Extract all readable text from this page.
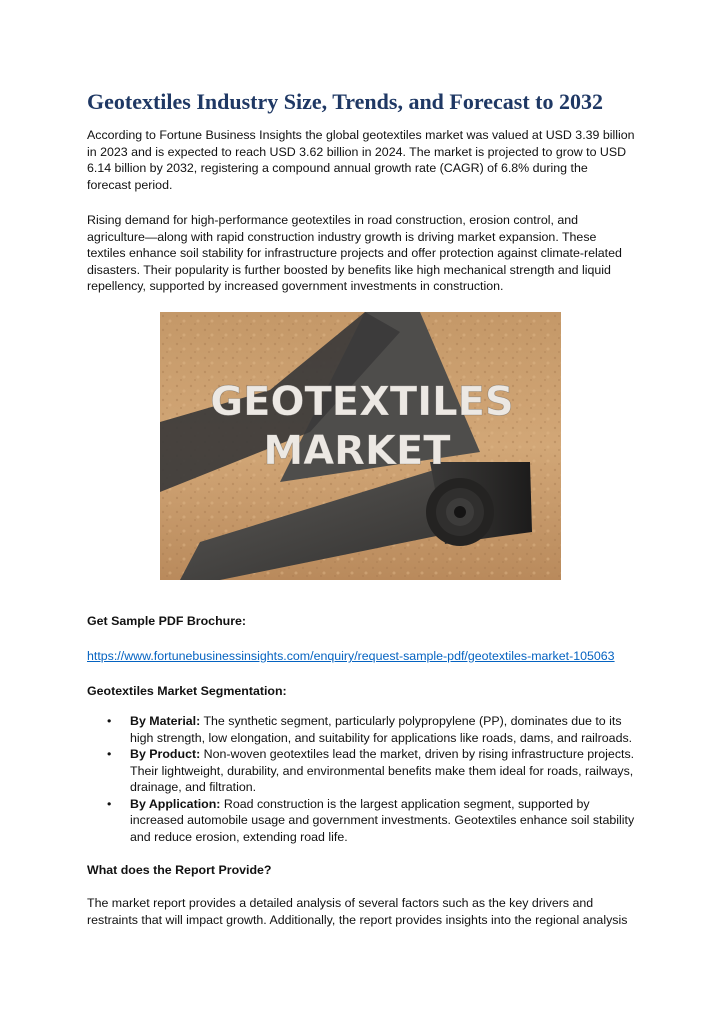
Geotextiles Industry Size, Trends, and Forecast to 2032

According to Fortune Business Insights the global geotextiles market was valued at USD 3.39 billion in 2023 and is expected to reach USD 3.62 billion in 2024. The market is projected to grow to USD 6.14 billion by 2032, registering a compound annual growth rate (CAGR) of 6.8% during the forecast period.

Rising demand for high-performance geotextiles in road construction, erosion control, and agriculture—along with rapid construction industry growth is driving market expansion. These textiles enhance soil stability for infrastructure projects and offer protection against climate-related disasters. Their popularity is further boosted by benefits like high mechanical strength and liquid repellency, supported by increased government investments in construction.

GEOTEXTILES
MARKET

Get Sample PDF Brochure:

https://www.fortunebusinessinsights.com/enquiry/request-sample-pdf/geotextiles-market-105063

Geotextiles Market Segmentation:

• By Material: The synthetic segment, particularly polypropylene (PP), dominates due to its high strength, low elongation, and suitability for applications like roads, dams, and railroads.
• By Product: Non-woven geotextiles lead the market, driven by rising infrastructure projects. Their lightweight, durability, and environmental benefits make them ideal for roads, railways, drainage, and filtration.
• By Application: Road construction is the largest application segment, supported by increased automobile usage and government investments. Geotextiles enhance soil stability and reduce erosion, extending road life.

What does the Report Provide?

The market report provides a detailed analysis of several factors such as the key drivers and restraints that will impact growth. Additionally, the report provides insights into the regional analysis
